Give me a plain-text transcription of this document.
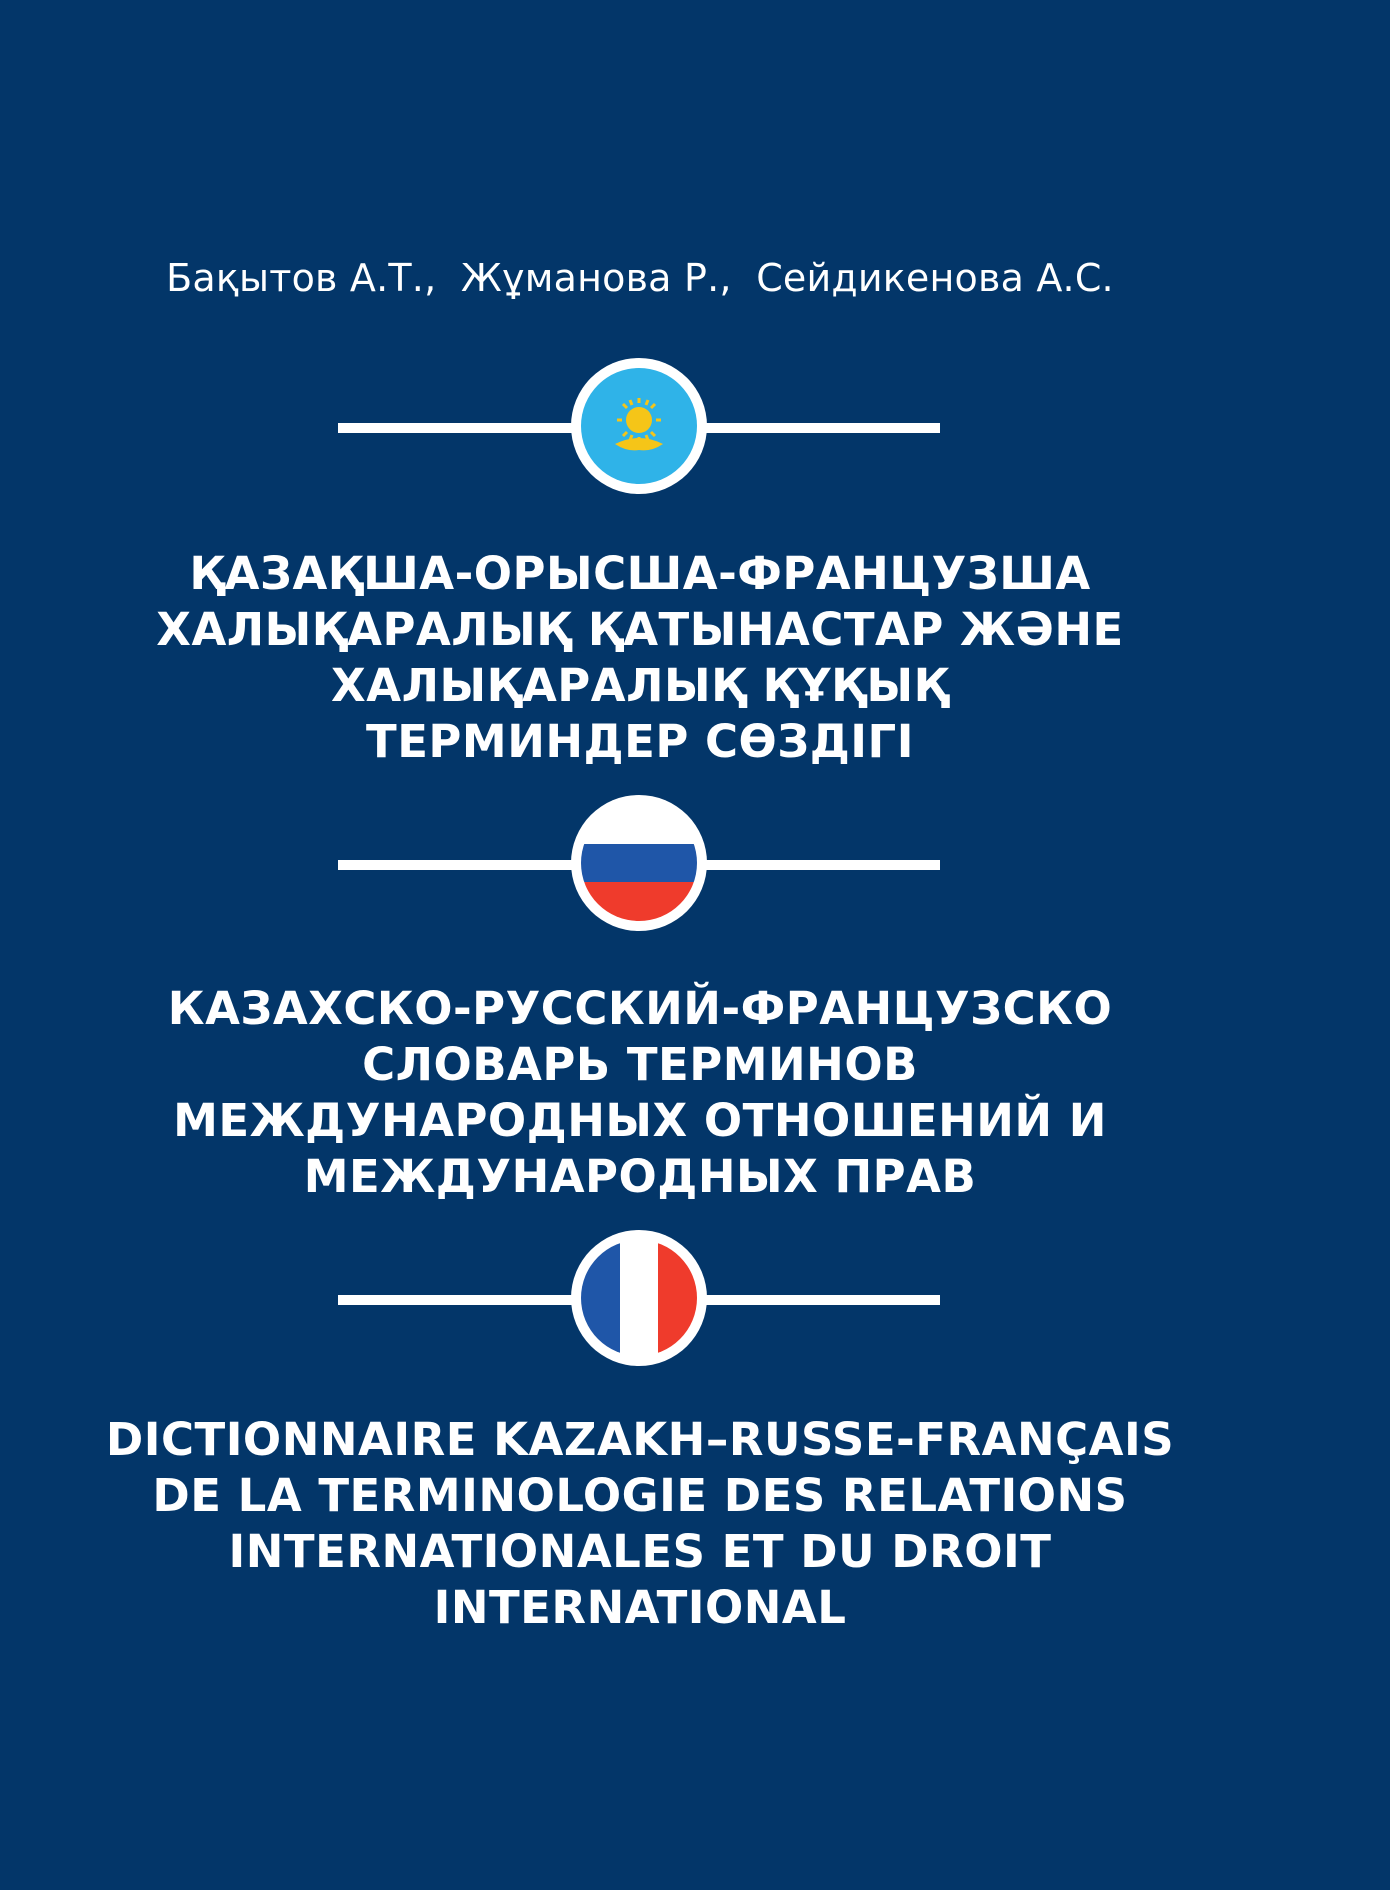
Бақытов А.Т., Жұманова Р., Сейдикенова А.С.
ҚАЗАҚША-ОРЫСША-ФРАНЦУЗША
ХАЛЫҚАРАЛЫҚ ҚАТЫНАСТАР ЖӘНЕ
ХАЛЫҚАРАЛЫҚ ҚҰҚЫҚ
ТЕРМИНДЕР СӨЗДІГІ
КАЗАХСКО-РУССКИЙ-ФРАНЦУЗСКО
СЛОВАРЬ ТЕРМИНОВ
МЕЖДУНАРОДНЫХ ОТНОШЕНИЙ И
МЕЖДУНАРОДНЫХ ПРАВ
DICTIONNAIRE KAZAKH–RUSSE-FRANÇAIS
DE LA TERMINOLOGIE DES RELATIONS
INTERNATIONALES ET DU DROIT
INTERNATIONAL
